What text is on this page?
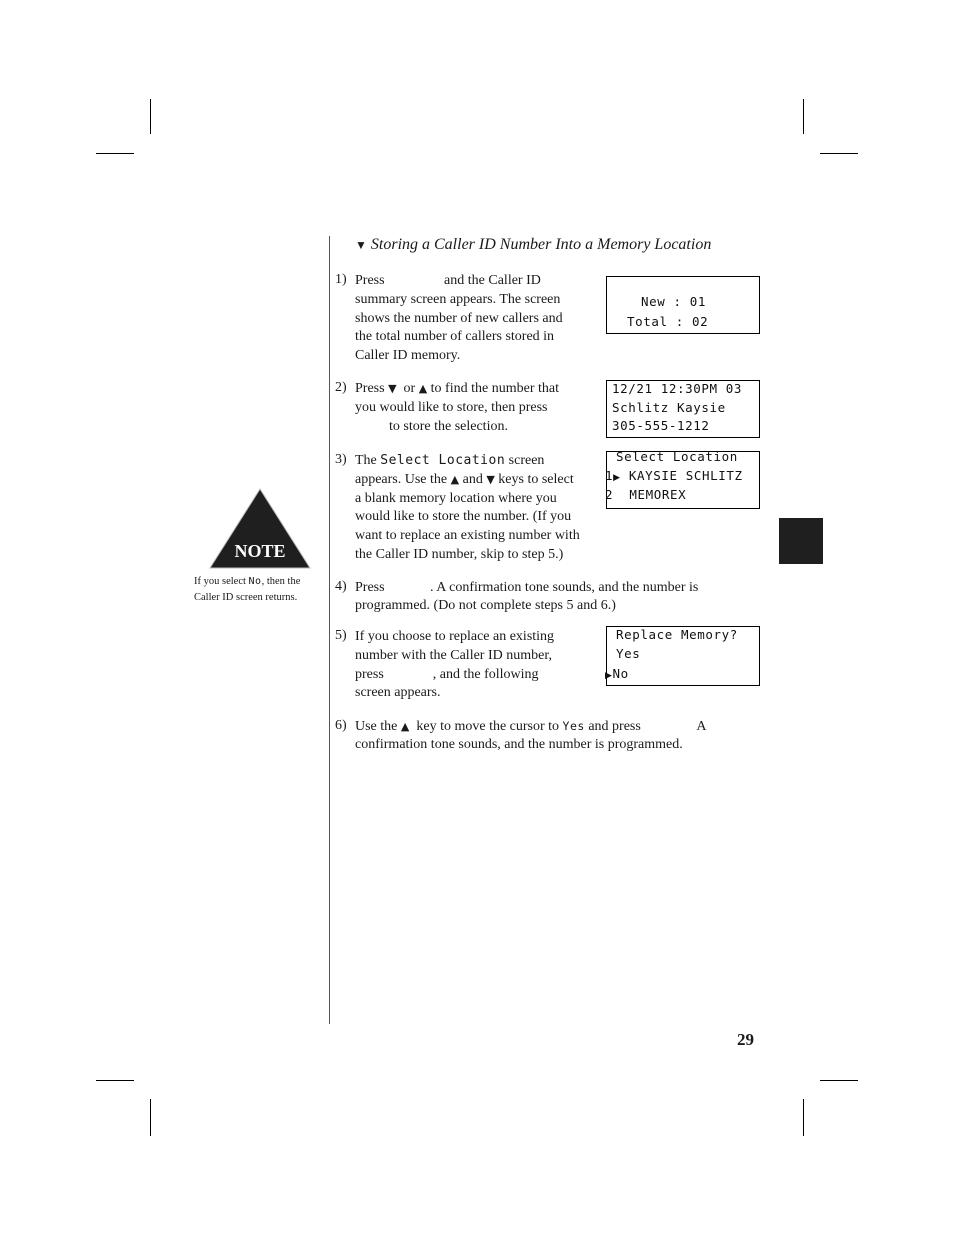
▼ Storing a Caller ID Number Into a Memory Location
1) Press                 and the Caller ID
summary screen appears. The screen
shows the number of new callers and
the total number of callers stored in
Caller ID memory.
New : 01
Total : 02
2) Press ▼ or ▲ to find the number that
you would like to store, then press
to store the selection.
12/21 12:30PM 03
Schlitz Kaysie
305-555-1212
3) The Select Location screen
appears. Use the ▲ and ▼ keys to select
a blank memory location where you
would like to store the number. (If you
want to replace an existing number with
the Caller ID number, skip to step 5.)
Select Location
1▶ KAYSIE SCHLITZ
2 MEMOREX
4) Press             . A confirmation tone sounds, and the number is
programmed. (Do not complete steps 5 and 6.)
5) If you choose to replace an existing
number with the Caller ID number,
press              , and the following
screen appears.
Replace Memory?
Yes
▶No
6) Use the ▲ key to move the cursor to Yes and press	A
confirmation tone sounds, and the number is programmed.
NOTE
If you select No, then the
Caller ID screen returns.
29
